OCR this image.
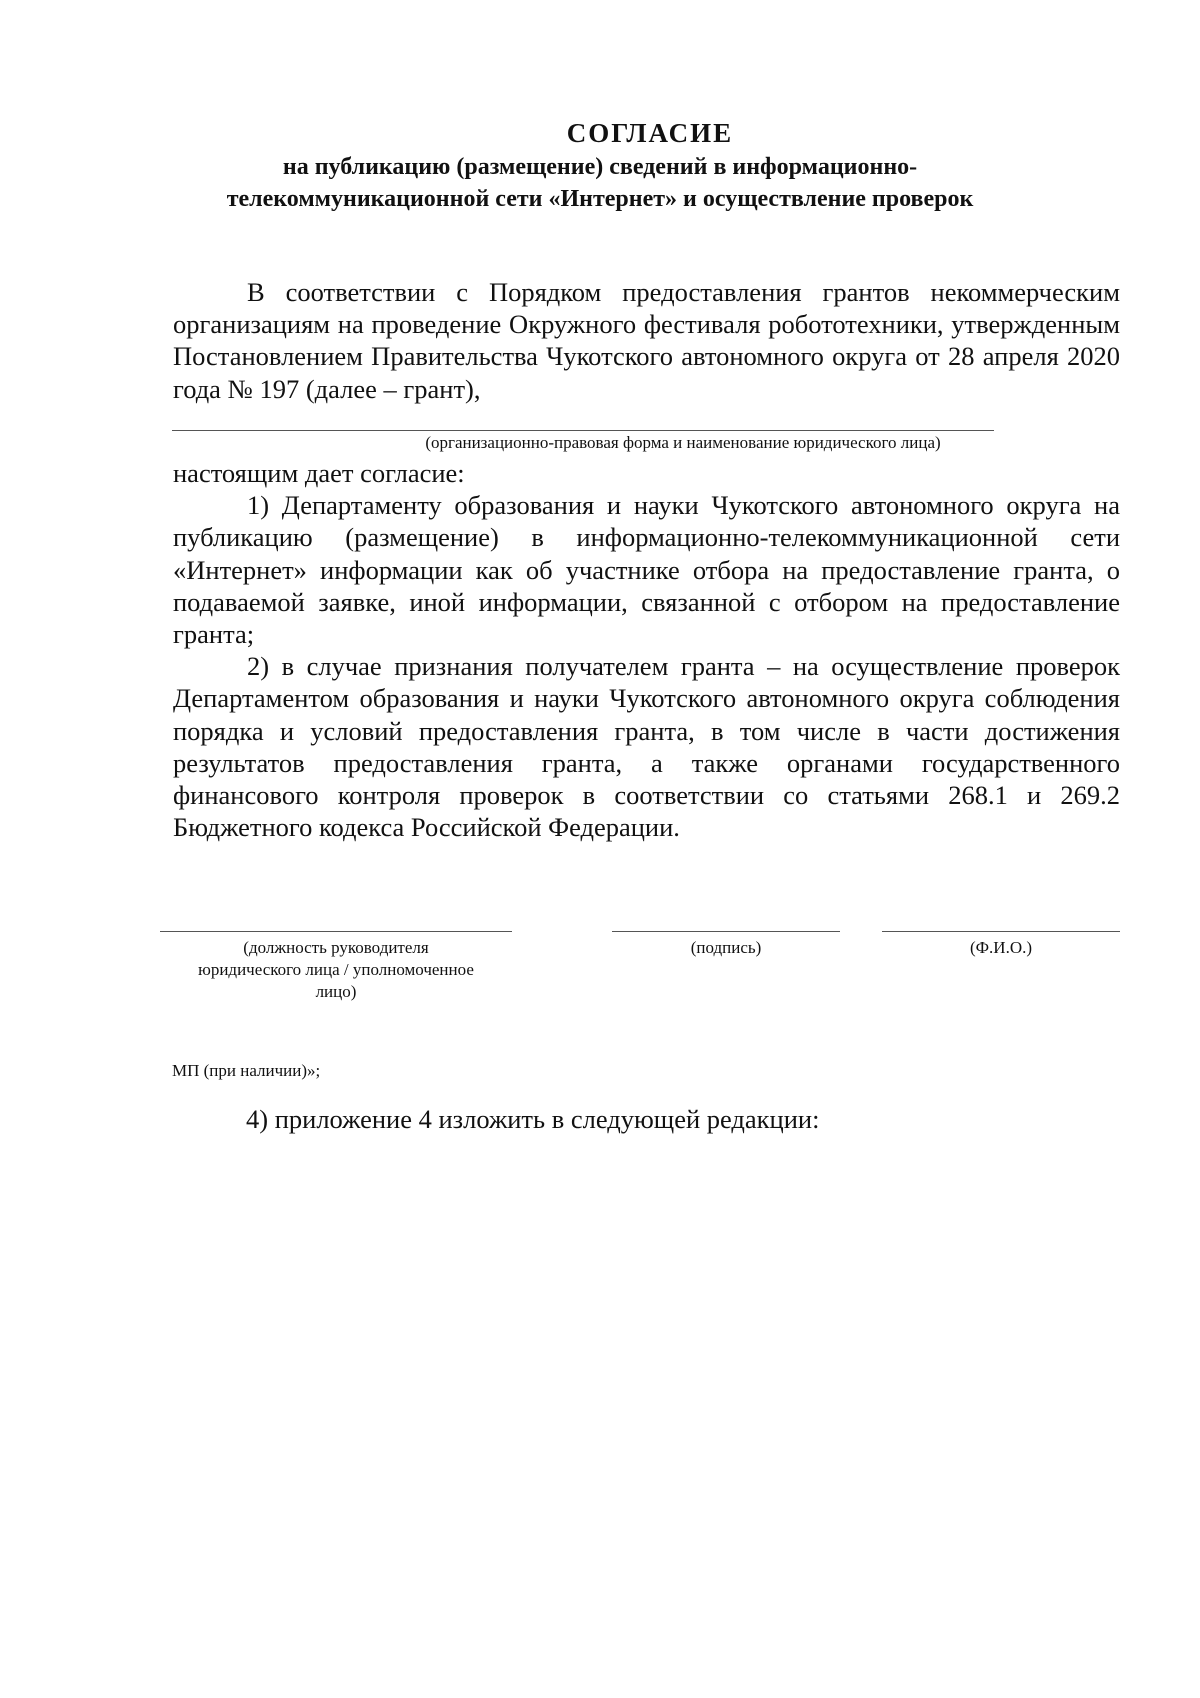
СОГЛАСИЕ
на публикацию (размещение) сведений в информационно-
телекоммуникационной сети «Интернет» и осуществление проверок

В соответствии с Порядком предоставления грантов некоммерческим организациям на проведение Окружного фестиваля робототехники, утвержденным Постановлением Правительства Чукотского автономного округа от 28 апреля 2020 года № 197 (далее – грант),

(организационно-правовая форма и наименование юридического лица)

настоящим дает согласие:

1) Департаменту образования и науки Чукотского автономного округа на публикацию (размещение) в информационно-телекоммуникационной сети «Интернет» информации как об участнике отбора на предоставление гранта, о подаваемой заявке, иной информации, связанной с отбором на предоставление гранта;

2) в случае признания получателем гранта – на осуществление проверок Департаментом образования и науки Чукотского автономного округа соблюдения порядка и условий предоставления гранта, в том числе в части достижения результатов предоставления гранта, а также органами государственного финансового контроля проверок в соответствии со статьями 268.1 и 269.2 Бюджетного кодекса Российской Федерации.

(должность руководителя
юридического лица / уполномоченное
лицо)
(подпись)	(Ф.И.О.)
МП (при наличии)»;
4) приложение 4 изложить в следующей редакции:
